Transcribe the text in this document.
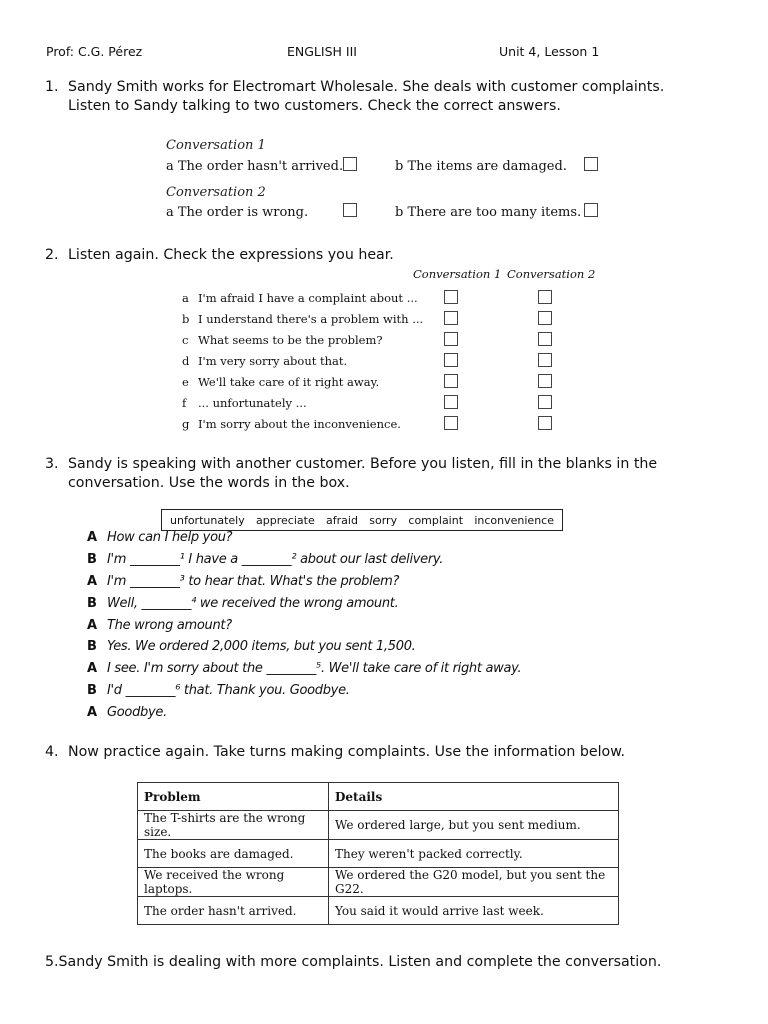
Prof: C.G. Pérez	ENGLISH III	Unit 4, Lesson 1
1. Sandy Smith works for Electromart Wholesale. She deals with customer complaints. Listen to Sandy talking to two customers. Check the correct answers.
Conversation 1
a The order hasn't arrived.	b The items are damaged.
Conversation 2
a The order is wrong.	b There are too many items.
2. Listen again. Check the expressions you hear.
Conversation 1 Conversation 2
a I'm afraid I have a complaint about ...
b I understand there's a problem with ...
c What seems to be the problem?
d I'm very sorry about that.
e We'll take care of it right away.
f ... unfortunately ...
g I'm sorry about the inconvenience.
3. Sandy is speaking with another customer. Before you listen, fill in the blanks in the conversation. Use the words in the box.
unfortunately appreciate afraid sorry complaint inconvenience
A How can I help you?
B I'm ________¹ I have a ________² about our last delivery.
A I'm ________³ to hear that. What's the problem?
B Well, ________⁴ we received the wrong amount.
A The wrong amount?
B Yes. We ordered 2,000 items, but you sent 1,500.
A I see. I'm sorry about the ________⁵. We'll take care of it right away.
B I'd ________⁶ that. Thank you. Goodbye.
A Goodbye.
4. Now practice again. Take turns making complaints. Use the information below.
Problem	Details
The T-shirts are the wrong size.	We ordered large, but you sent medium.
The books are damaged.	They weren't packed correctly.
We received the wrong laptops.	We ordered the G20 model, but you sent the G22.
The order hasn't arrived.	You said it would arrive last week.
5.Sandy Smith is dealing with more complaints. Listen and complete the conversation.
